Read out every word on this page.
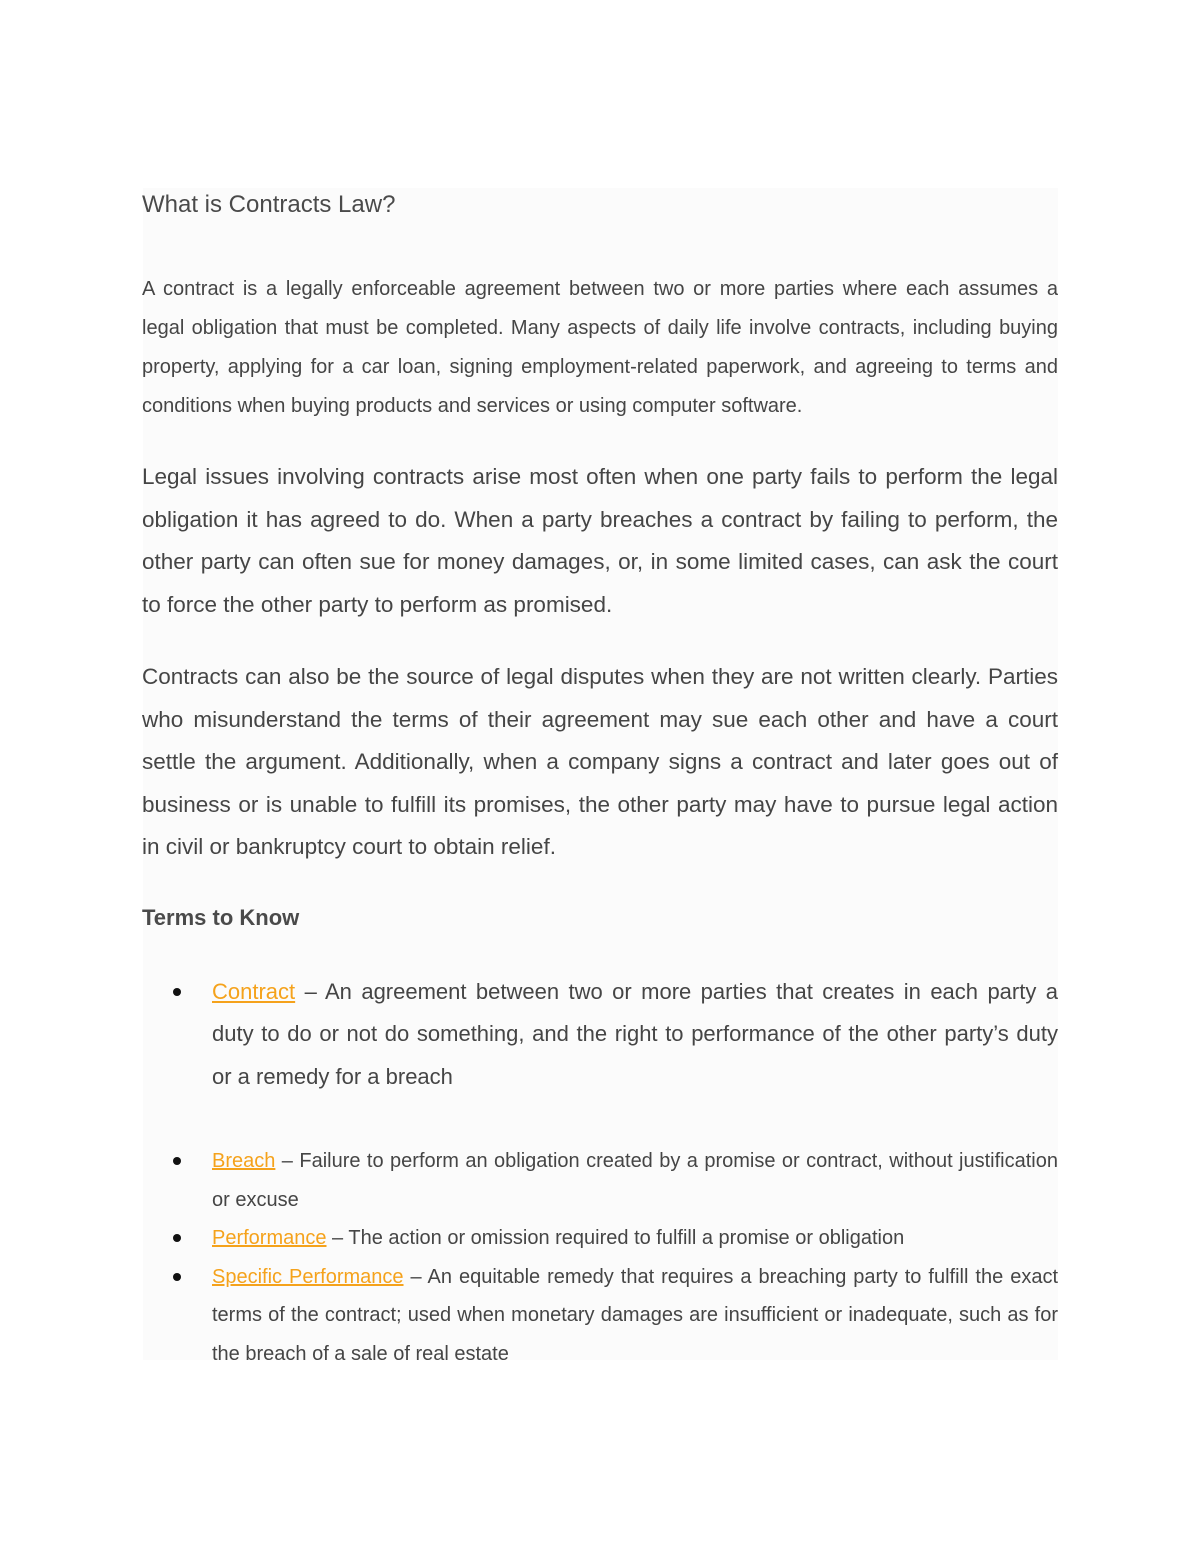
What is Contracts Law?

A contract is a legally enforceable agreement between two or more parties where each assumes a legal obligation that must be completed. Many aspects of daily life involve contracts, including buying property, applying for a car loan, signing employment-related paperwork, and agreeing to terms and conditions when buying products and services or using computer software.

Legal issues involving contracts arise most often when one party fails to perform the legal obligation it has agreed to do. When a party breaches a contract by failing to perform, the other party can often sue for money damages, or, in some limited cases, can ask the court to force the other party to perform as promised.

Contracts can also be the source of legal disputes when they are not written clearly. Parties who misunderstand the terms of their agreement may sue each other and have a court settle the argument. Additionally, when a company signs a contract and later goes out of business or is unable to fulfill its promises, the other party may have to pursue legal action in civil or bankruptcy court to obtain relief.

Terms to Know
Contract – An agreement between two or more parties that creates in each party a duty to do or not do something, and the right to performance of the other party’s duty or a remedy for a breach
Breach – Failure to perform an obligation created by a promise or contract, without justification or excuse
Performance – The action or omission required to fulfill a promise or obligation
Specific Performance – An equitable remedy that requires a breaching party to fulfill the exact terms of the contract; used when monetary damages are insufficient or inadequate, such as for the breach of a sale of real estate
